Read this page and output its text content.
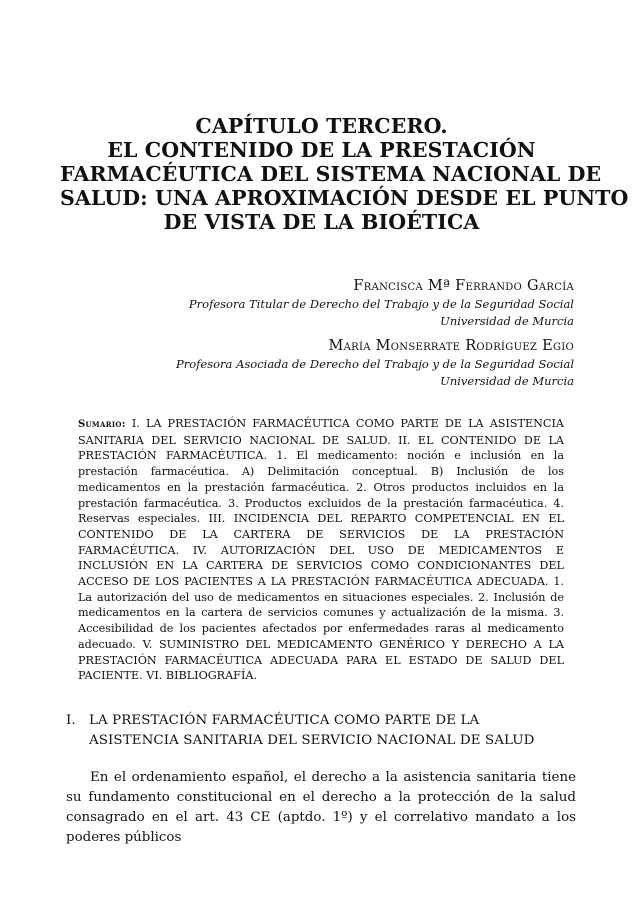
CAPÍTULO TERCERO.
EL CONTENIDO DE LA PRESTACIÓN
FARMACÉUTICA DEL SISTEMA NACIONAL DE
SALUD: UNA APROXIMACIÓN DESDE EL PUNTO
DE VISTA DE LA BIOÉTICA
Francisca Mª Ferrando García
Profesora Titular de Derecho del Trabajo y de la Seguridad Social
Universidad de Murcia
María Monserrate Rodríguez Egio
Profesora Asociada de Derecho del Trabajo y de la Seguridad Social
Universidad de Murcia

Sumario: I. LA PRESTACIÓN FARMACÉUTICA COMO PARTE DE LA ASISTENCIA SANITARIA DEL SERVICIO NACIONAL DE SALUD. II. EL CONTENIDO DE LA PRESTACIÓN FARMACÉUTICA. 1. El medicamento: noción e inclusión en la prestación farmacéutica. A) Delimitación conceptual. B) Inclusión de los medicamentos en la prestación farmacéutica. 2. Otros productos incluidos en la prestación farmacéutica. 3. Productos excluidos de la prestación farmacéutica. 4. Reservas especiales. III. INCIDENCIA DEL REPARTO COMPETENCIAL EN EL CONTENIDO DE LA CARTERA DE SERVICIOS DE LA PRESTACIÓN FARMACÉUTICA. IV. AUTORIZACIÓN DEL USO DE MEDICAMENTOS E INCLUSIÓN EN LA CARTERA DE SERVICIOS COMO CONDICIONANTES DEL ACCESO DE LOS PACIENTES A LA PRESTACIÓN FARMACÉUTICA ADECUADA. 1. La autorización del uso de medicamentos en situaciones especiales. 2. Inclusión de medicamentos en la cartera de servicios comunes y actualización de la misma. 3. Accesibilidad de los pacientes afectados por enfermedades raras al medicamento adecuado. V. SUMINISTRO DEL MEDICAMENTO GENÉRICO Y DERECHO A LA PRESTACIÓN FARMACÉUTICA ADECUADA PARA EL ESTADO DE SALUD DEL PACIENTE. VI. BIBLIOGRAFÍA.

I. LA PRESTACIÓN FARMACÉUTICA COMO PARTE DE LA
ASISTENCIA SANITARIA DEL SERVICIO NACIONAL DE SALUD

En el ordenamiento español, el derecho a la asistencia sanitaria tiene su fundamento constitucional en el derecho a la protección de la salud consagrado en el art. 43 CE (aptdo. 1º) y el correlativo mandato a los poderes públicos
